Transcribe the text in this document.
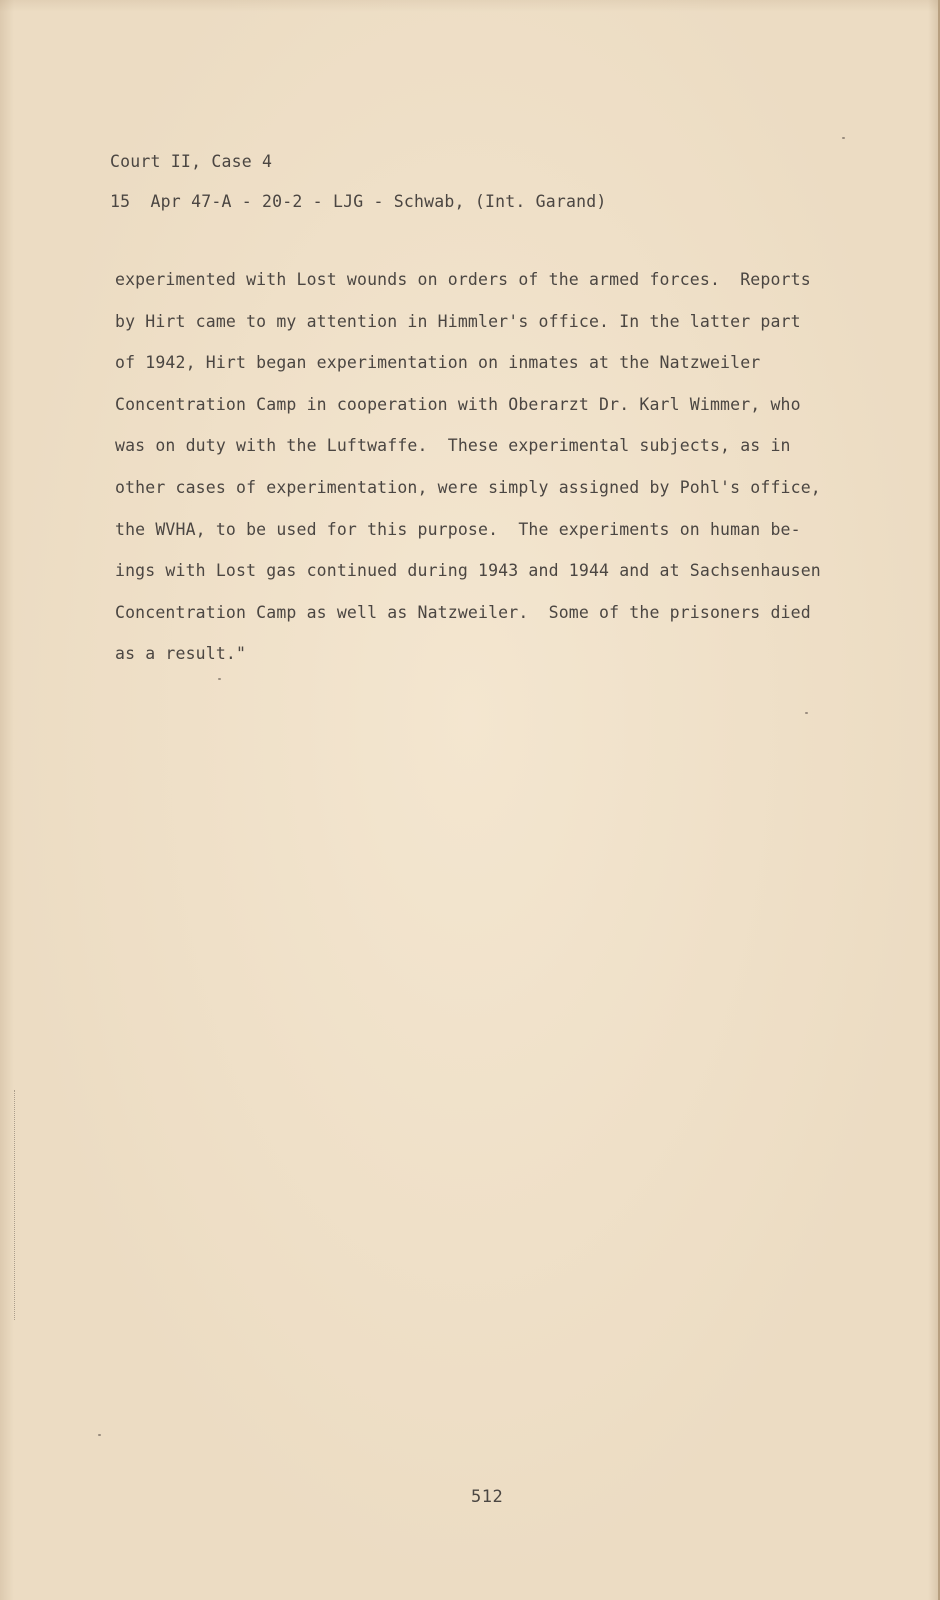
Court II, Case 4
15  Apr 47-A - 20-2 - LJG - Schwab, (Int. Garand)
experimented with Lost wounds on orders of the armed forces.  Reports
by Hirt came to my attention in Himmler's office. In the latter part
of 1942, Hirt began experimentation on inmates at the Natzweiler
Concentration Camp in cooperation with Oberarzt Dr. Karl Wimmer, who
was on duty with the Luftwaffe.  These experimental subjects, as in
other cases of experimentation, were simply assigned by Pohl's office,
the WVHA, to be used for this purpose.  The experiments on human be-
ings with Lost gas continued during 1943 and 1944 and at Sachsenhausen
Concentration Camp as well as Natzweiler.  Some of the prisoners died
as a result."
512
